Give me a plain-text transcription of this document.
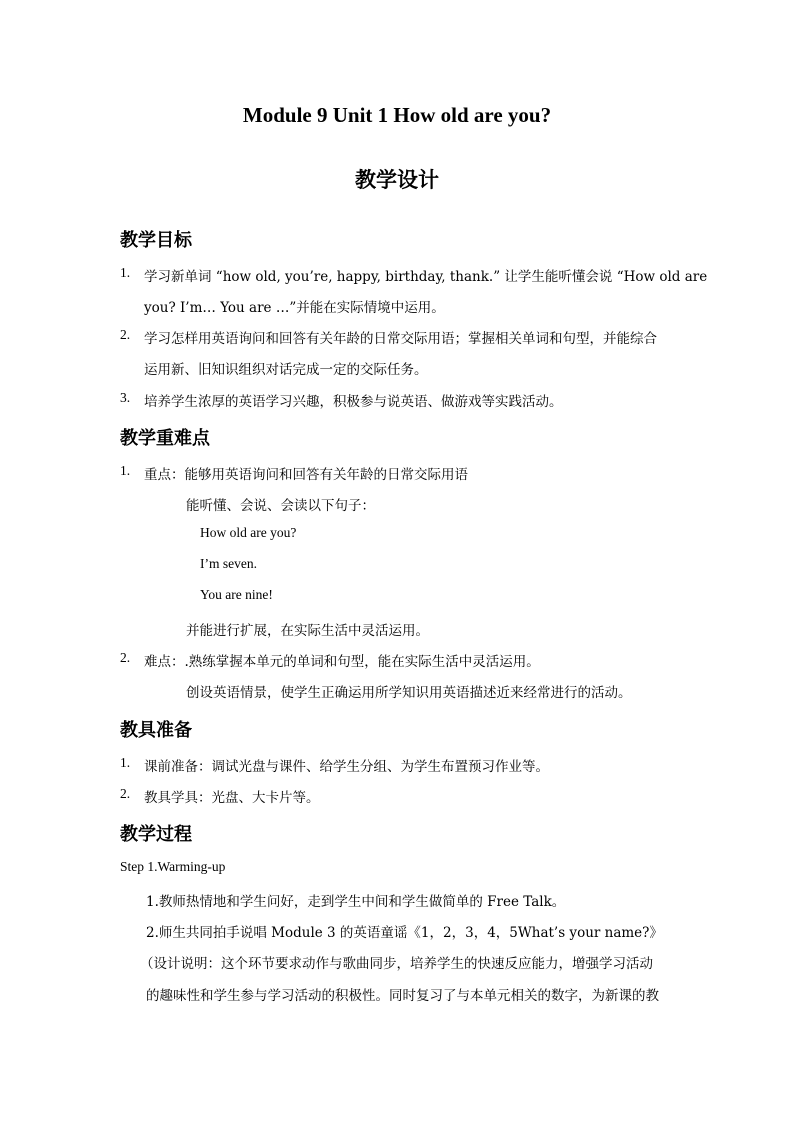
Module 9 Unit 1 How old are you?
教学设计
教学目标
1. 学习新单词 “how old, you’re, happy, birthday, thank.” 让学生能听懂会说 “How old are
you? I’m… You are …”并能在实际情境中运用。
2. 学习怎样用英语询问和回答有关年龄的日常交际用语；掌握相关单词和句型，并能综合
运用新、旧知识组织对话完成一定的交际任务。
3. 培养学生浓厚的英语学习兴趣，积极参与说英语、做游戏等实践活动。
教学重难点
1. 重点：能够用英语询问和回答有关年龄的日常交际用语
能听懂、会说、会读以下句子：
How old are you?
I’m seven.
You are nine!
并能进行扩展，在实际生活中灵活运用。
2. 难点：.熟练掌握本单元的单词和句型，能在实际生活中灵活运用。
创设英语情景，使学生正确运用所学知识用英语描述近来经常进行的活动。
教具准备
1. 课前准备：调试光盘与课件、给学生分组、为学生布置预习作业等。
2. 教具学具：光盘、大卡片等。
教学过程
Step 1.Warming-up
1.教师热情地和学生问好，走到学生中间和学生做简单的 Free Talk。
2.师生共同拍手说唱 Module 3 的英语童谣《1，2，3，4，5What’s your name?》
（设计说明：这个环节要求动作与歌曲同步，培养学生的快速反应能力，增强学习活动
的趣味性和学生参与学习活动的积极性。同时复习了与本单元相关的数字，为新课的教
